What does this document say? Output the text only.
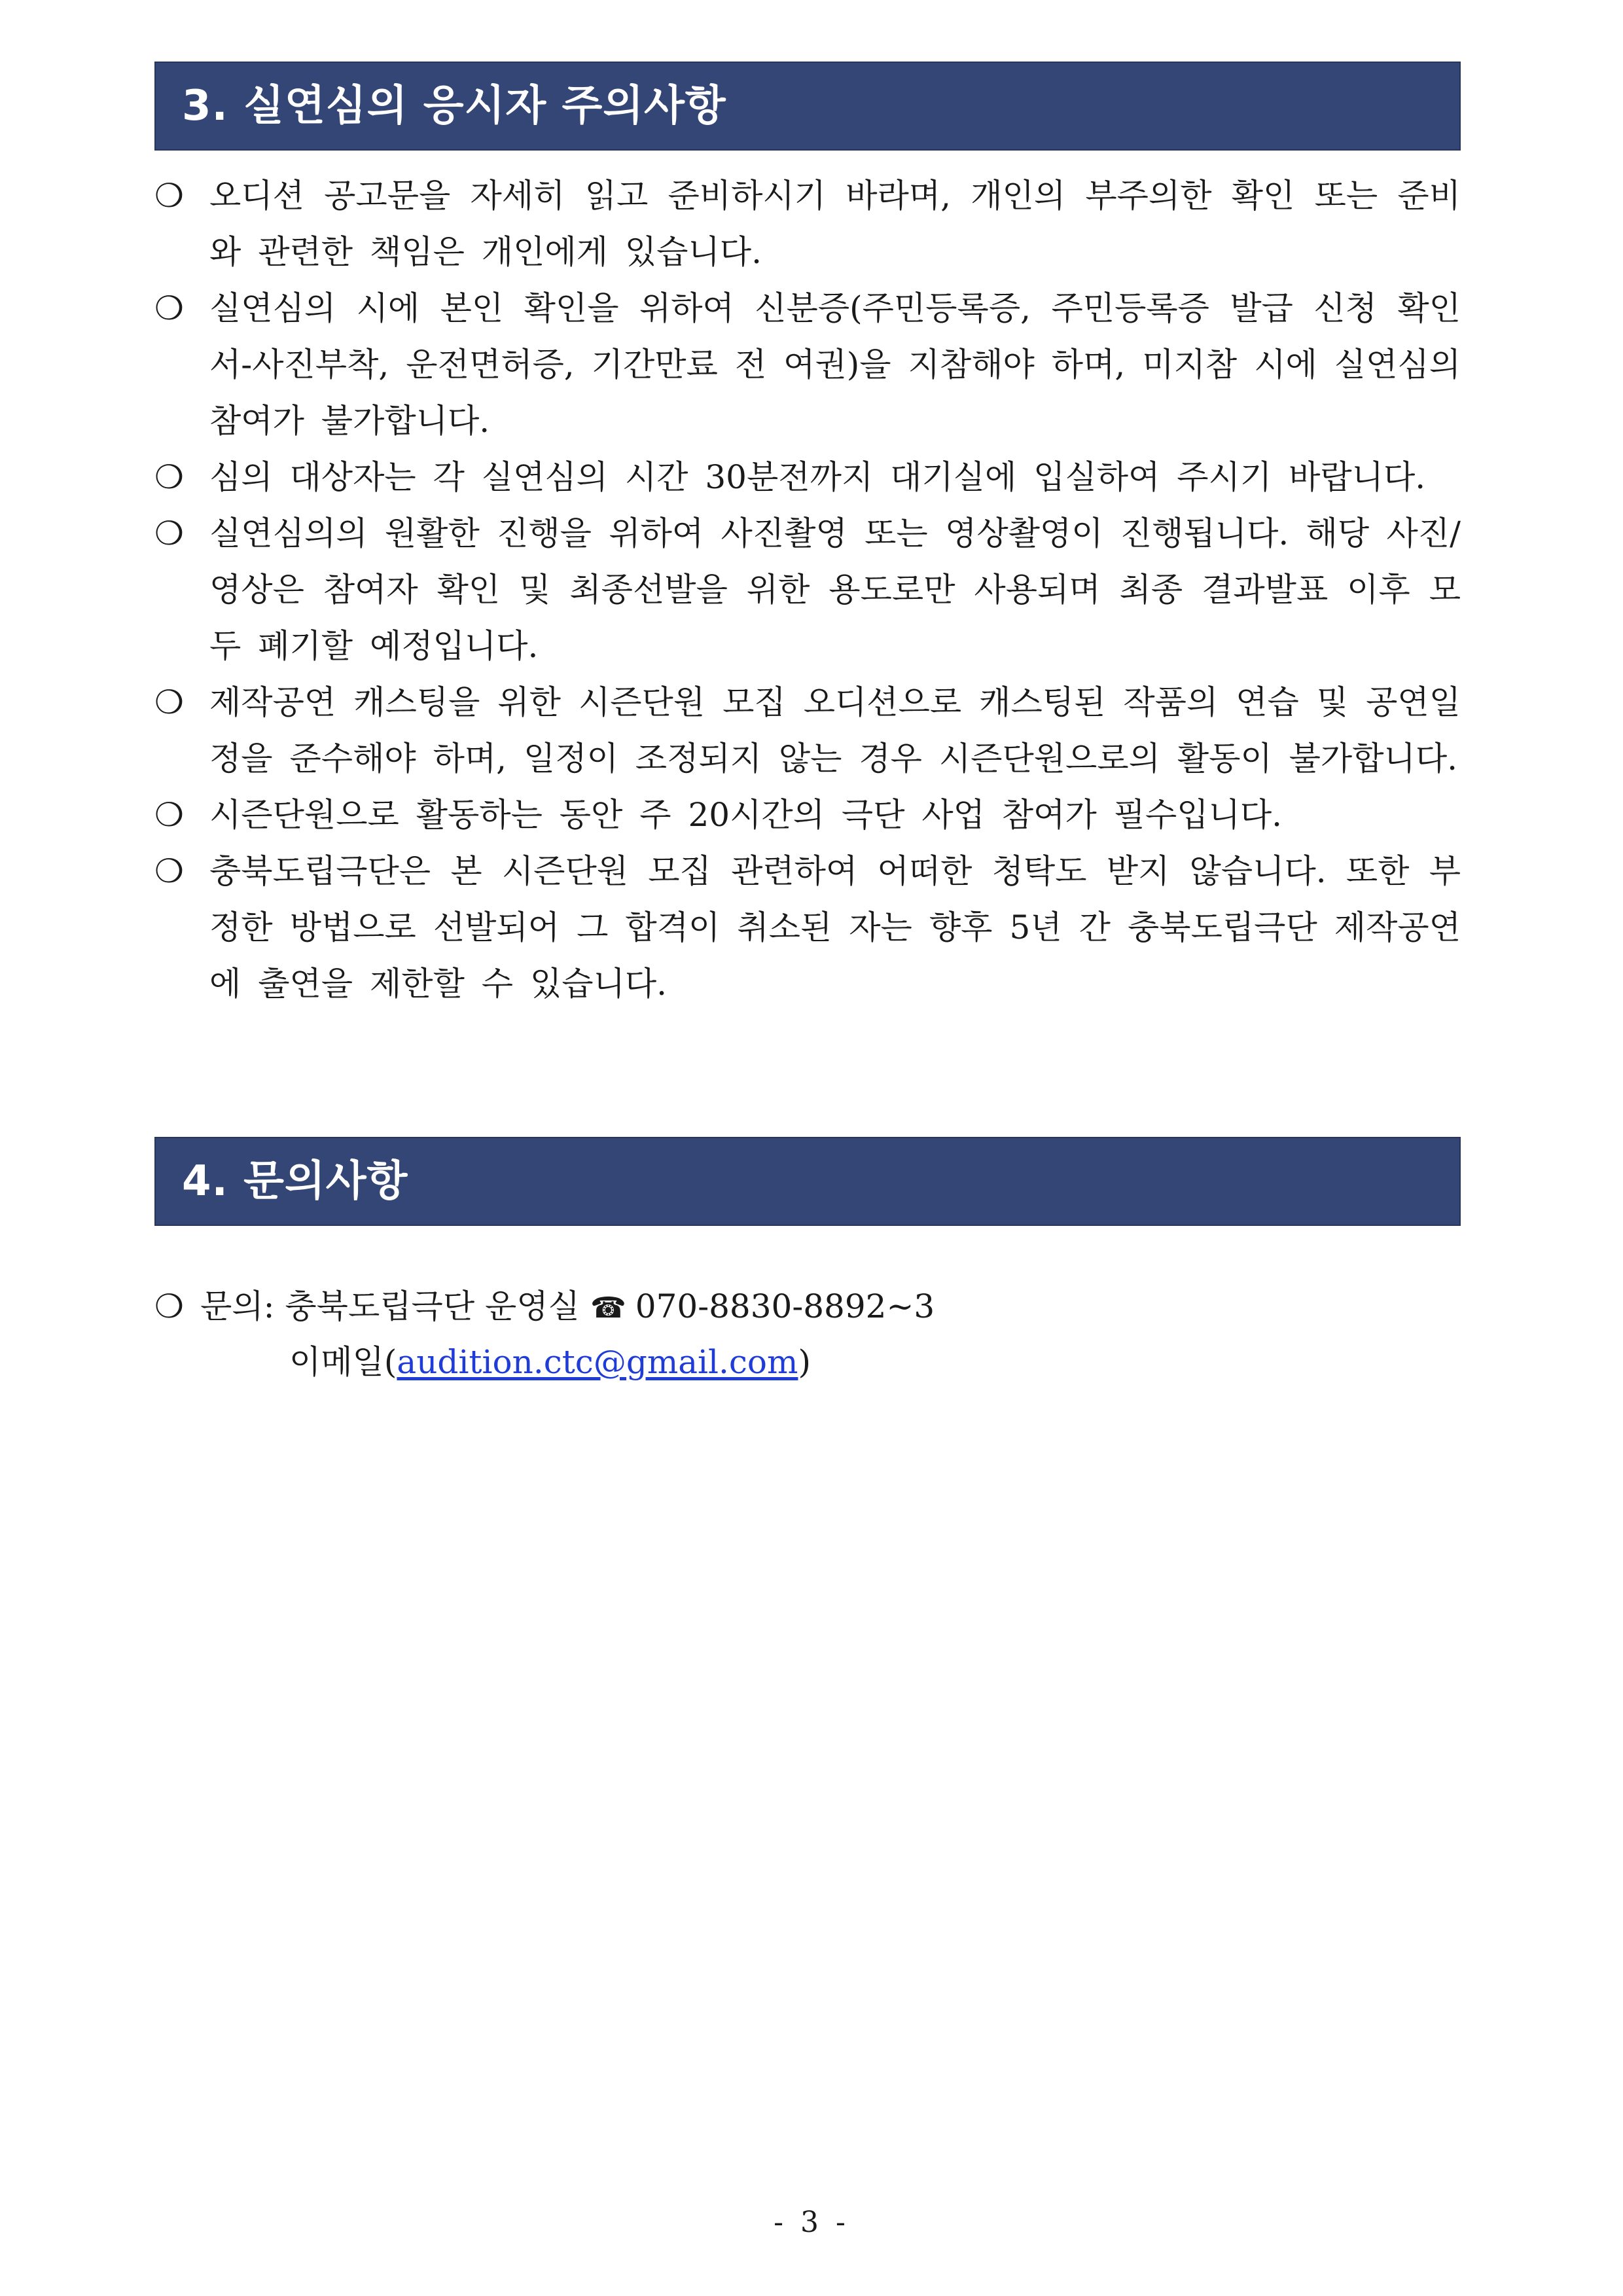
3. 실연심의 응시자 주의사항
❍ 오디션 공고문을 자세히 읽고 준비하시기 바라며, 개인의 부주의한 확인 또는 준비와 관련한 책임은 개인에게 있습니다.
❍ 실연심의 시에 본인 확인을 위하여 신분증(주민등록증, 주민등록증 발급 신청 확인서-사진부착, 운전면허증, 기간만료 전 여권)을 지참해야 하며, 미지참 시에 실연심의 참여가 불가합니다.
❍ 심의 대상자는 각 실연심의 시간 30분전까지 대기실에 입실하여 주시기 바랍니다.
❍ 실연심의의 원활한 진행을 위하여 사진촬영 또는 영상촬영이 진행됩니다. 해당 사진/영상은 참여자 확인 및 최종선발을 위한 용도로만 사용되며 최종 결과발표 이후 모두 폐기할 예정입니다.
❍ 제작공연 캐스팅을 위한 시즌단원 모집 오디션으로 캐스팅된 작품의 연습 및 공연일정을 준수해야 하며, 일정이 조정되지 않는 경우 시즌단원으로의 활동이 불가합니다.
❍ 시즌단원으로 활동하는 동안 주 20시간의 극단 사업 참여가 필수입니다.
❍ 충북도립극단은 본 시즌단원 모집 관련하여 어떠한 청탁도 받지 않습니다. 또한 부정한 방법으로 선발되어 그 합격이 취소된 자는 향후 5년 간 충북도립극단 제작공연에 출연을 제한할 수 있습니다.
4. 문의사항
❍ 문의: 충북도립극단 운영실 ☎ 070-8830-8892~3
이메일(audition.ctc@gmail.com)
- 3 -
